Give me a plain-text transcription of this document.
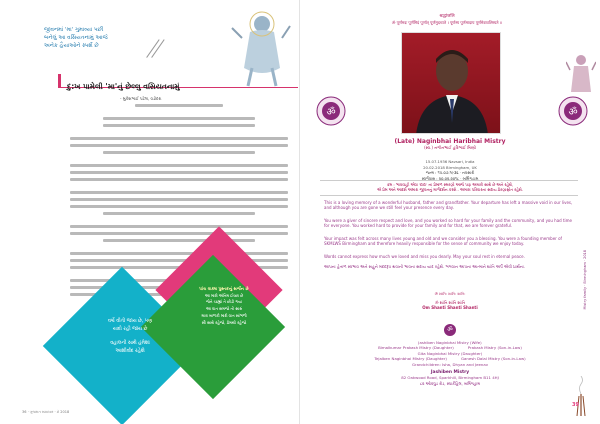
જીવનમાં 'મા' ગુમાવ્યા પછી
બનેલું આ વસિયતનામું આજે
અનેક હૈયાઓને સ્પર્શે છે
દુ:ખ પામેલી 'મા'નું છેલ્લુ વસિયતનામું
- મુકેશભાઈ પટેલ, વડોદરા
પાંચ વાક્ય પુસ્તકનું સર્જન છે
આ મારી અંતિમ ઈચ્છા છે
જેને ચાહ્યાં તે છોડી ગયા
આ વાત સમજો તો સારું
મારા બાળકો મારી વાત સાંભળો
સૌ સાથે રહેજો, પ્રેમથી રહેજો
વર્ષો વીતી જાય છે, પણ
યાદો રહી જાય છે
વહાલની સાથે હંમેશાં
આશીર્વાદ રહેશે
36 · ગુજરાત સમાચાર · મે 2018
श्रद्धांजलि
ॐ पूर्णमदः पूर्णमिदं पूर्णात् पूर्णमुदच्यते । पूर्णस्य पूर्णमादाय पूर्णमेवावशिष्यते ॥
ॐ	ॐ
(Late) Naginbhai Haribhai Mistry
(સ્વ.) નગીનભાઈ હરિભાઈ મિસ્ત્રી
15.07.1936 Navsari, India
20.02.2018 Birmingham, UK
જન્મ : ૧૫-૦૭-૧૯૩૬ · નવસારી
સ્વર્ગવાસ : ૨૦-૦૨-૨૦૧૮ · બર્મિંગહામ
ક્રમ : ભાવવાહી એવા 'દાદા' ના પ્રેમાળ સ્મરણો આજે પણ અમારી સાથે છે અને રહેશે,
એ પ્રેમ અને આદર્શ અમારા જીવનનું માર્ગદર્શન કરશે - અમારા પરિવારના સદાય પ્રેરણાસ્રોત રહેશે.
This is a loving memory of a wonderful husband, father and grandfather. Your departure has left a massive void in our lives, and although you are gone we still feel your presence every day.
You were a giver of sincere respect and love, and you worked so hard for your family and the community, and you had time for everyone. You worked hard to provide for your family and for that, we are forever grateful.
Your impact was felt across many lives young and old and we consider you a blessing. You were a founding member of SKMLWS Birmingham and therefore heavily responsible for the sense of community we enjoy today.
Words cannot express how much we loved and miss you dearly. May your soul rest in eternal peace.
આપના હેતાળ સ્વભાવ અને સહુને મદદરૂપ થવાની ભાવના સદાય યાદ રહેશે. ભગવાન આપના આત્માને શાંતિ અર્પે એવી પ્રાર્થના.
ॐ શાંતિ: શાંતિ: શાંતિ:
ॐ શાંતિ શાંતિ શાંતિ
Om Shanti Shanti Shanti
ॐ
Jashiben Naginbhai Mistry (Wife)
Bimalkumar Prakash Mistry (Daughter)	Prakash Mistry (Son-in-Law)
Gita Naginbhai Mistry (Daughter)
Tejalben Naginbhai Mistry (Daughter)	Ganesh Dalal Mistry (Son-in-Law)
Grandchildren: Isha, Dhyan and Jeenav
Jashiben Mistry
82 Oakwood Road, Sparkhill, Birmingham B11 4HJ
૮૨ ઓકવુડ રોડ, સ્પાર્કહિલ, બર્મિંગહામ
Mistry family · Birmingham · 2018
39
